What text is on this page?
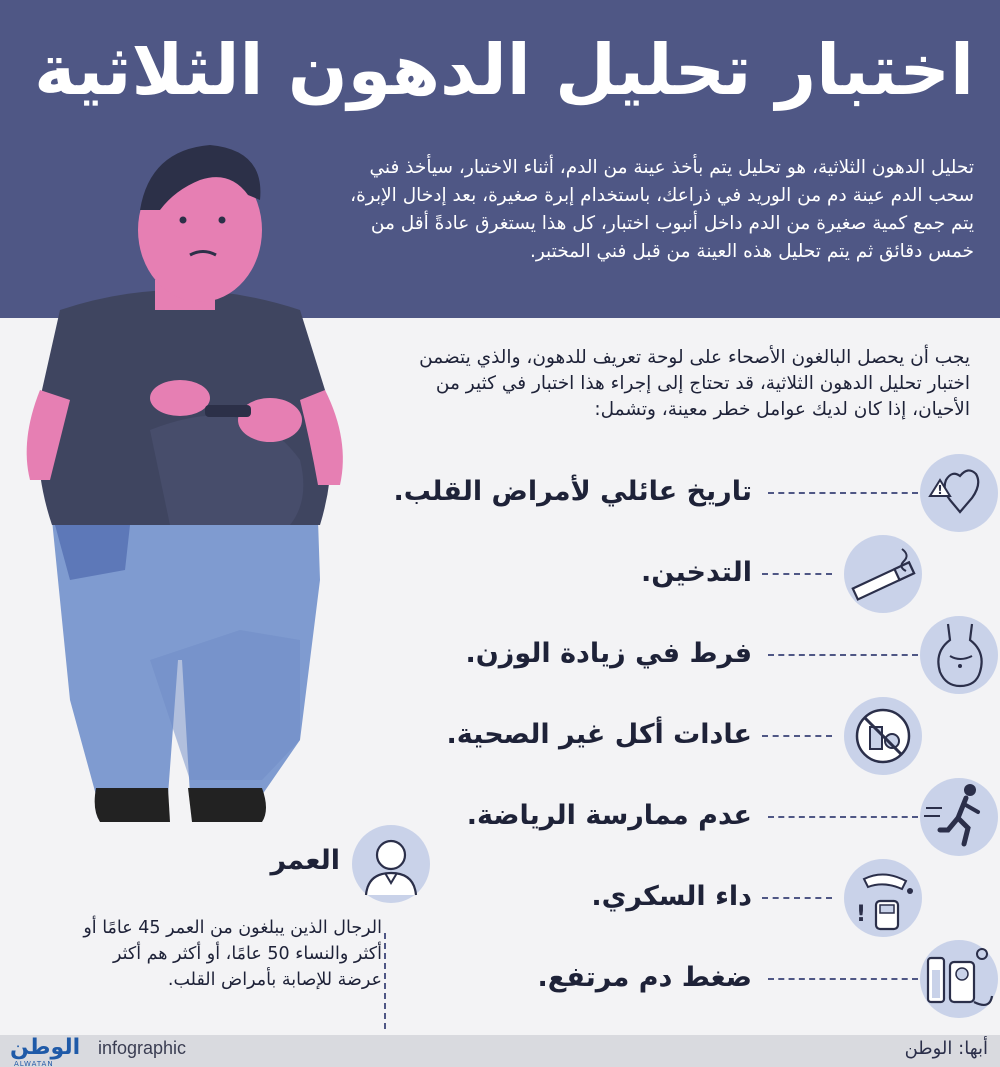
اختبار تحليل الدهون الثلاثية
تحليل الدهون الثلاثية، هو تحليل يتم بأخذ عينة من الدم، أثناء الاختبار، سيأخذ فني سحب الدم عينة دم من الوريد في ذراعك، باستخدام إبرة صغيرة، بعد إدخال الإبرة، يتم جمع كمية صغيرة من الدم داخل أنبوب اختبار، كل هذا يستغرق عادةً أقل من خمس دقائق ثم يتم تحليل هذه العينة من قبل فني المختبر.
يجب أن يحصل البالغون الأصحاء على لوحة تعريف للدهون، والذي يتضمن اختبار تحليل الدهون الثلاثية، قد تحتاج إلى إجراء هذا اختبار في كثير من الأحيان، إذا كان لديك عوامل خطر معينة، وتشمل:
تاريخ عائلي لأمراض القلب.	!
التدخين.
فرط في زيادة الوزن.
عادات أكل غير الصحية.
عدم ممارسة الرياضة.
داء السكري.
!
ضغط دم مرتفع.
العمر
الرجال الذين يبلغون من العمر 45 عامًا أو أكثر والنساء 50 عامًا، أو أكثر هم أكثر عرضة للإصابة بأمراض القلب.
الوطن
ALWATAN
infographic	أبها: الوطن
